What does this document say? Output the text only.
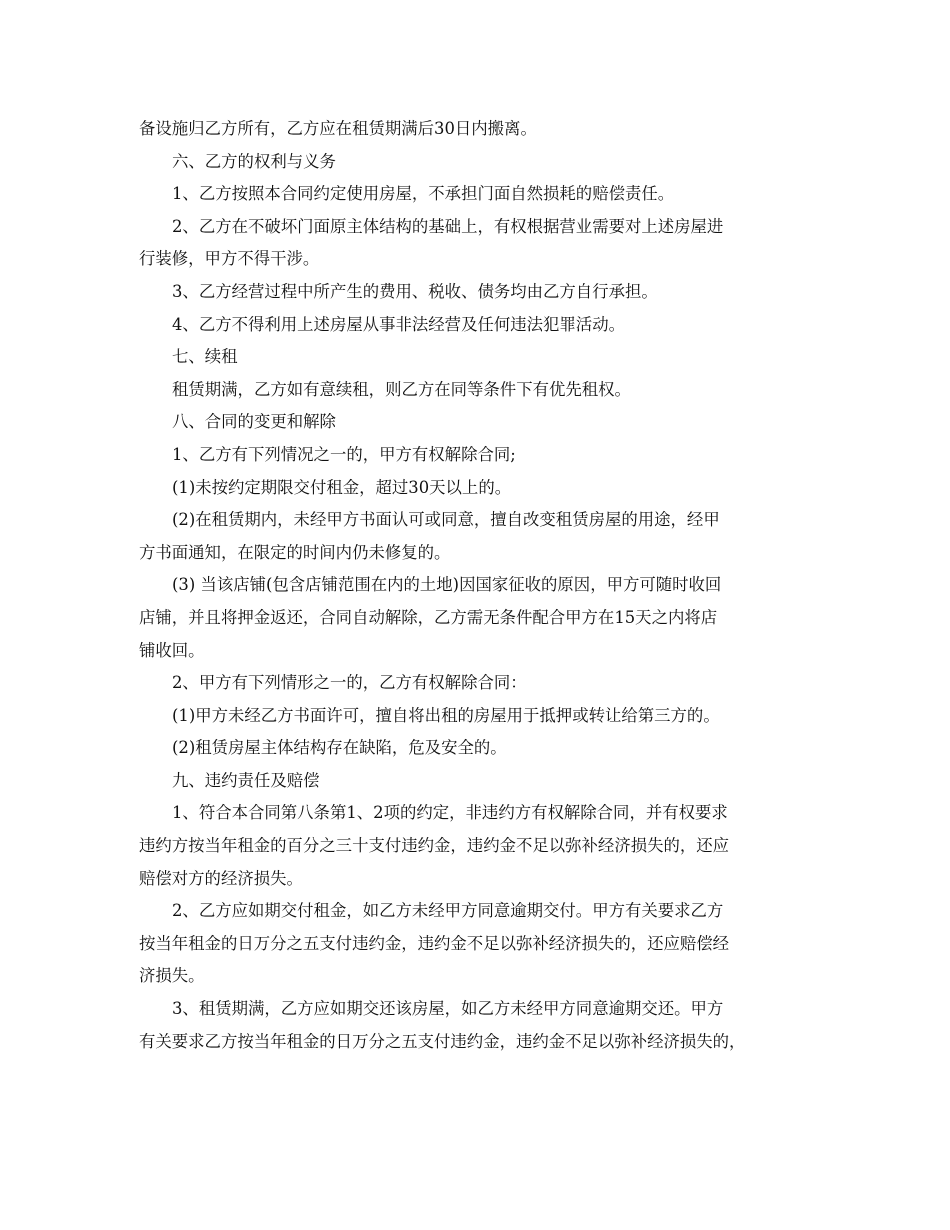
备设施归乙方所有，乙方应在租赁期满后30日内搬离。
六、乙方的权利与义务
1、乙方按照本合同约定使用房屋，不承担门面自然损耗的赔偿责任。
2、乙方在不破坏门面原主体结构的基础上，有权根据营业需要对上述房屋进
行装修，甲方不得干涉。
3、乙方经营过程中所产生的费用、税收、债务均由乙方自行承担。
4、乙方不得利用上述房屋从事非法经营及任何违法犯罪活动。
七、续租
租赁期满，乙方如有意续租，则乙方在同等条件下有优先租权。
八、合同的变更和解除
1、乙方有下列情况之一的，甲方有权解除合同;
(1)未按约定期限交付租金，超过30天以上的。
(2)在租赁期内，未经甲方书面认可或同意，擅自改变租赁房屋的用途，经甲
方书面通知，在限定的时间内仍未修复的。
(3) 当该店铺(包含店铺范围在内的土地)因国家征收的原因，甲方可随时收回
店铺，并且将押金返还，合同自动解除，乙方需无条件配合甲方在15天之内将店
铺收回。
2、甲方有下列情形之一的，乙方有权解除合同：
(1)甲方未经乙方书面许可，擅自将出租的房屋用于抵押或转让给第三方的。
(2)租赁房屋主体结构存在缺陷，危及安全的。
九、违约责任及赔偿
1、符合本合同第八条第1、2项的约定，非违约方有权解除合同，并有权要求
违约方按当年租金的百分之三十支付违约金，违约金不足以弥补经济损失的，还应
赔偿对方的经济损失。
2、乙方应如期交付租金，如乙方未经甲方同意逾期交付。甲方有关要求乙方
按当年租金的日万分之五支付违约金，违约金不足以弥补经济损失的，还应赔偿经
济损失。
3、租赁期满，乙方应如期交还该房屋，如乙方未经甲方同意逾期交还。甲方
有关要求乙方按当年租金的日万分之五支付违约金，违约金不足以弥补经济损失的，
